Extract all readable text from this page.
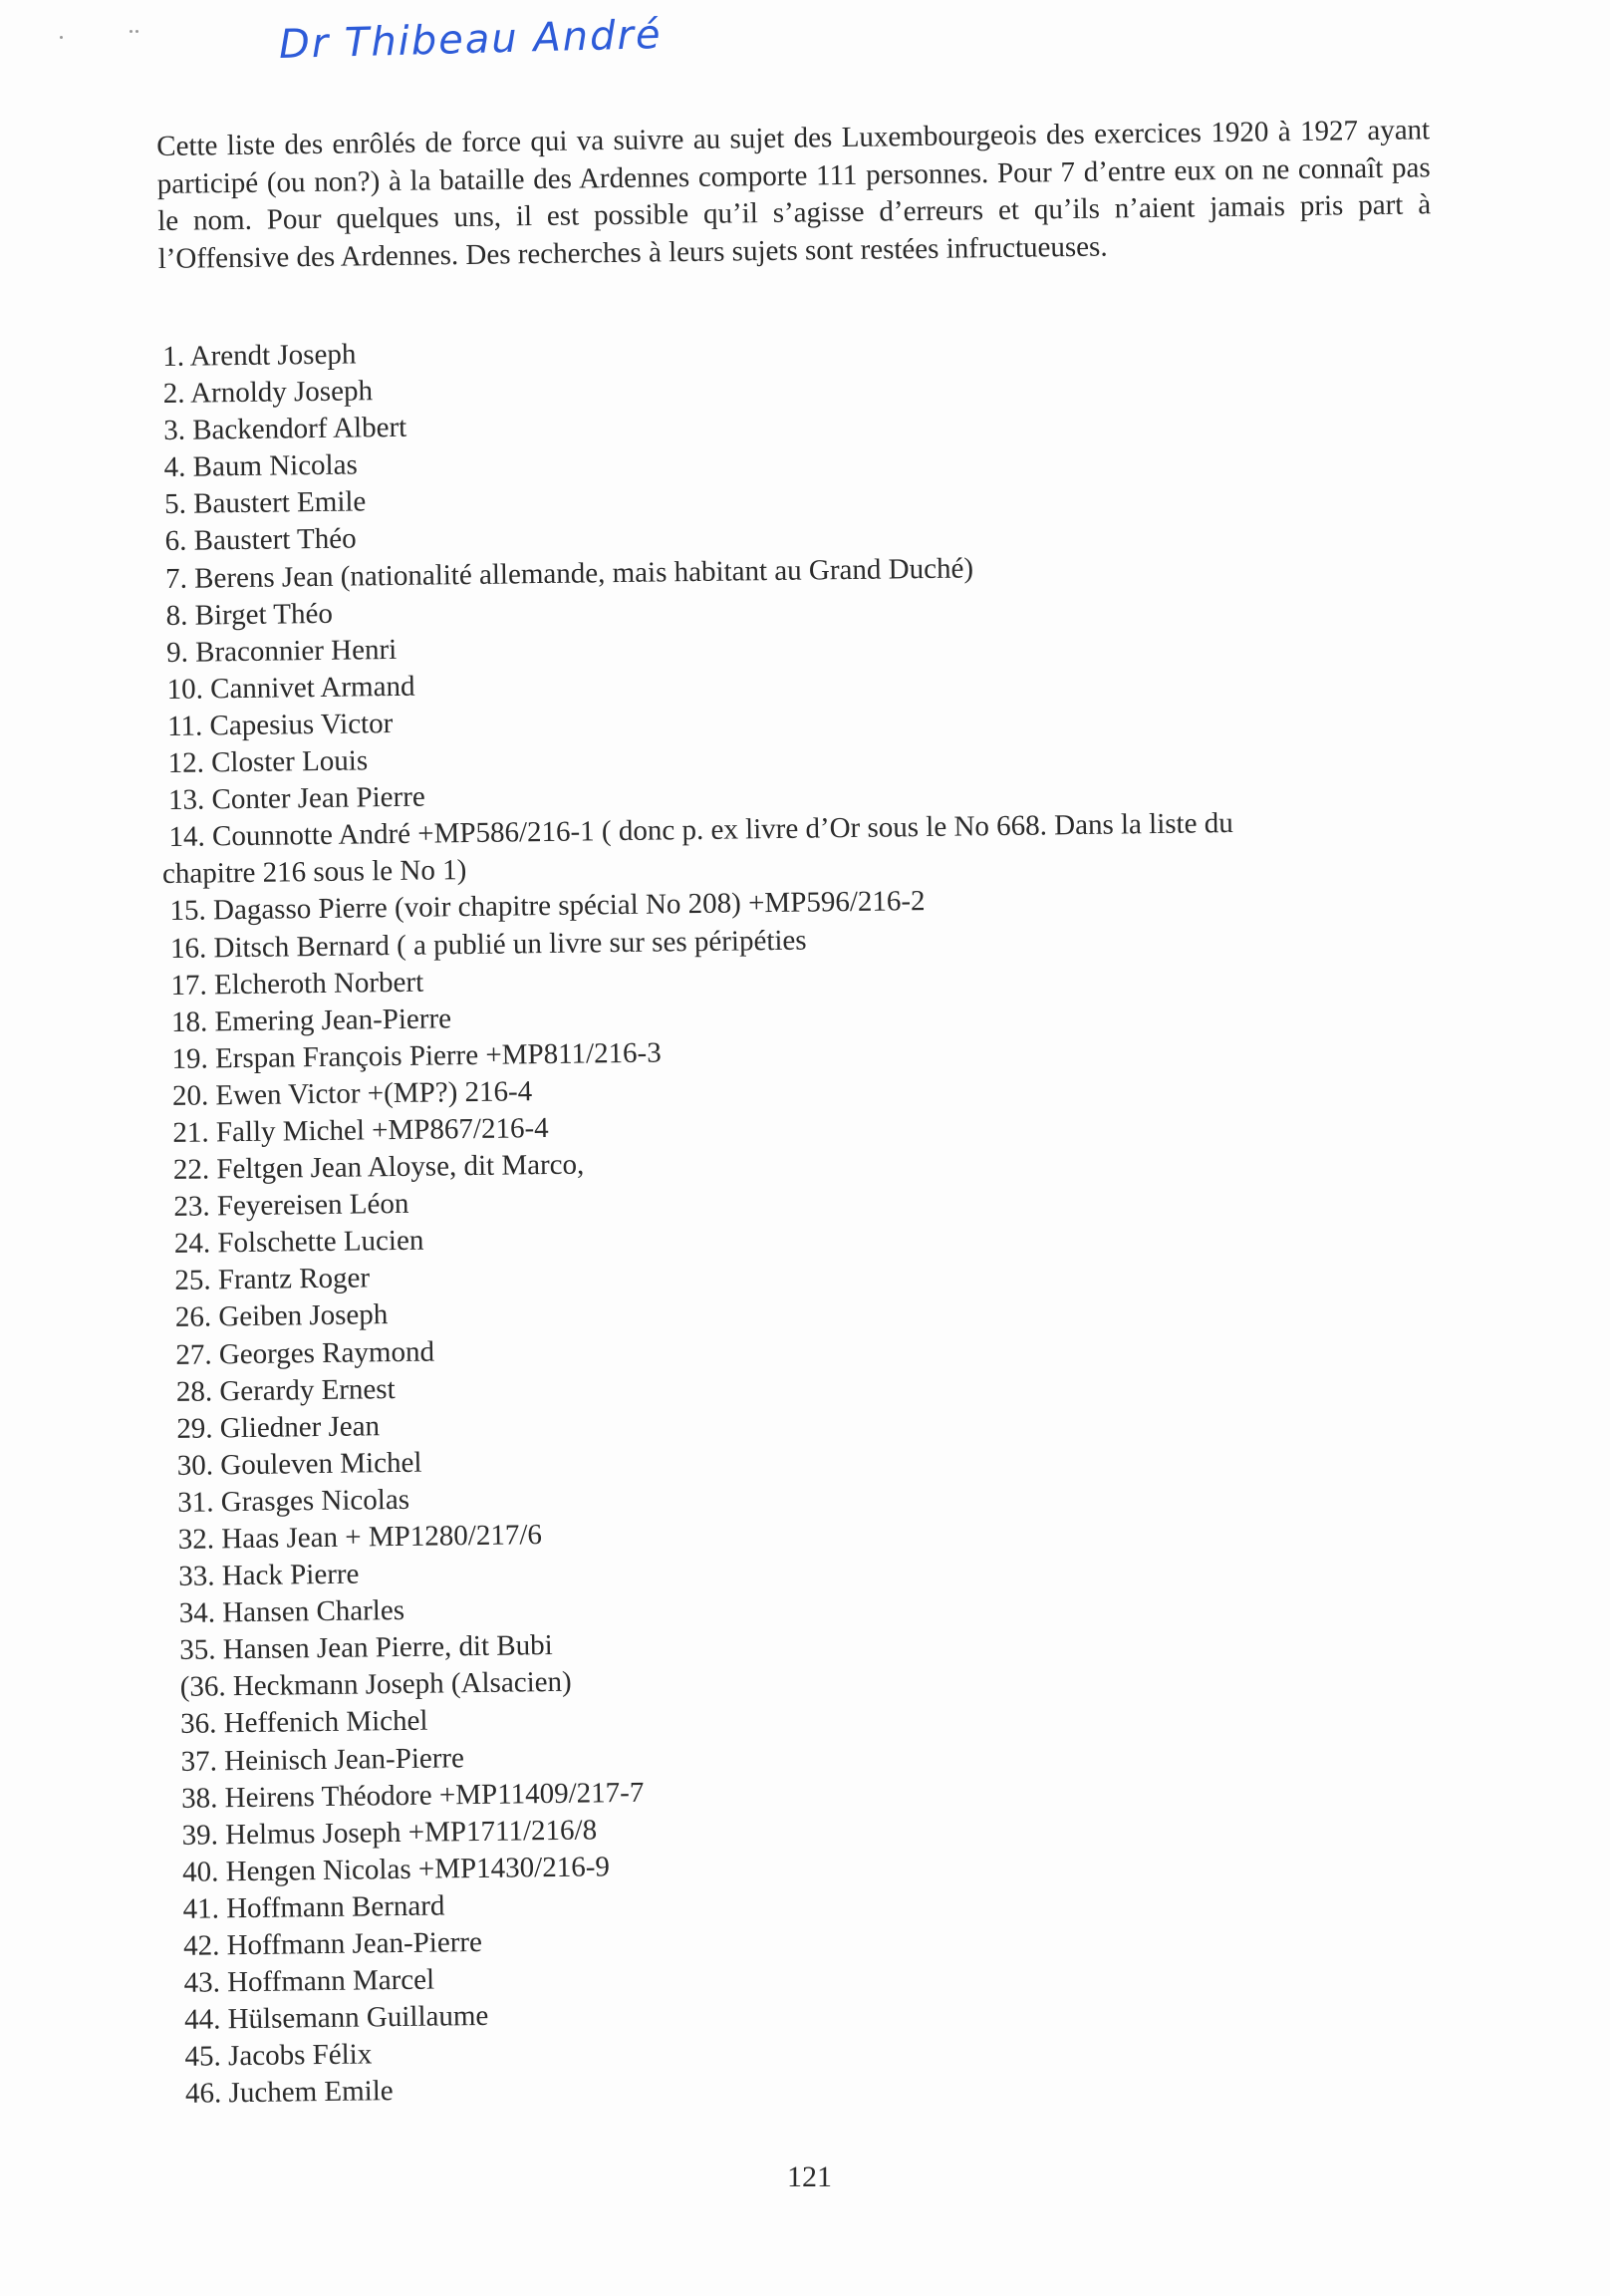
Dr Thibeau André

Cette liste des enrôlés de force qui va suivre au sujet des Luxembourgeois des exercices 1920 à 1927 ayant participé (ou non?) à la bataille des Ardennes comporte 111 personnes. Pour 7 d’entre eux on ne connaît pas le nom. Pour quelques uns, il est possible qu’il s’agisse d’erreurs et qu’ils n’aient jamais pris part à l’Offensive des Ardennes. Des recherches à leurs sujets sont restées infructueuses.

1. Arendt Joseph
2. Arnoldy Joseph
3. Backendorf Albert
4. Baum Nicolas
5. Baustert Emile
6. Baustert Théo
7. Berens Jean (nationalité allemande, mais habitant au Grand Duché)
8. Birget Théo
9. Braconnier Henri
10. Cannivet Armand
11. Capesius Victor
12. Closter Louis
13. Conter Jean Pierre
14. Counnotte André +MP586/216-1 ( donc p. ex livre d’Or sous le No 668. Dans la liste du
chapitre 216 sous le No 1)
15. Dagasso Pierre (voir chapitre spécial No 208) +MP596/216-2
16. Ditsch Bernard ( a publié un livre sur ses péripéties
17. Elcheroth Norbert
18. Emering Jean-Pierre
19. Erspan François Pierre +MP811/216-3
20. Ewen Victor +(MP?) 216-4
21. Fally Michel +MP867/216-4
22. Feltgen Jean Aloyse, dit Marco,
23. Feyereisen Léon
24. Folschette Lucien
25. Frantz Roger
26. Geiben Joseph
27. Georges Raymond
28. Gerardy Ernest
29. Gliedner Jean
30. Gouleven Michel
31. Grasges Nicolas
32. Haas Jean + MP1280/217/6
33. Hack Pierre
34. Hansen Charles
35. Hansen Jean Pierre, dit Bubi
(36. Heckmann Joseph (Alsacien)
36. Heffenich Michel
37. Heinisch Jean-Pierre
38. Heirens Théodore +MP11409/217-7
39. Helmus Joseph +MP1711/216/8
40. Hengen Nicolas +MP1430/216-9
41. Hoffmann Bernard
42. Hoffmann Jean-Pierre
43. Hoffmann Marcel
44. Hülsemann Guillaume
45. Jacobs Félix
46. Juchem Emile
121
